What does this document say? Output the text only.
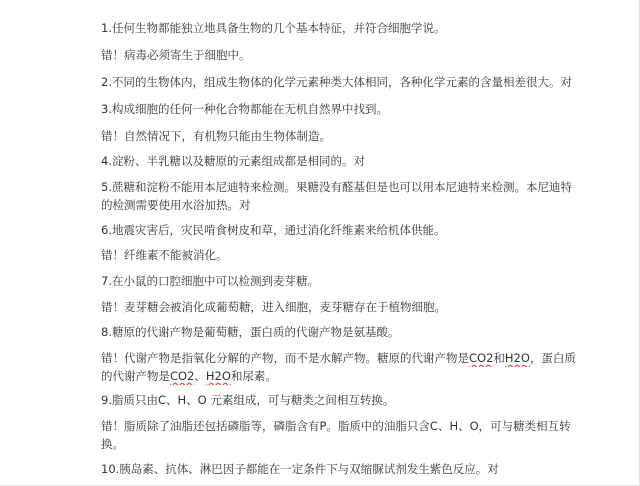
1.任何生物都能独立地具备生物的几个基本特征，并符合细胞学说。
错！病毒必须寄生于细胞中。
2.不同的生物体内，组成生物体的化学元素种类大体相同，各种化学元素的含量相差很大。对
3.构成细胞的任何一种化合物都能在无机自然界中找到。
错！自然情况下，有机物只能由生物体制造。
4.淀粉、半乳糖以及糖原的元素组成都是相同的。对
5.蔗糖和淀粉不能用本尼迪特来检测。果糖没有醛基但是也可以用本尼迪特来检测。本尼迪特
的检测需要使用水浴加热。对
6.地震灾害后，灾民啃食树皮和草，通过消化纤维素来给机体供能。
错！纤维素不能被消化。
7.在小鼠的口腔细胞中可以检测到麦芽糖。
错！麦芽糖会被消化成葡萄糖，进入细胞，麦芽糖存在于植物细胞。
8.糖原的代谢产物是葡萄糖，蛋白质的代谢产物是氨基酸。
错！代谢产物是指氧化分解的产物，而不是水解产物。糖原的代谢产物是CO2和H2O，蛋白质
的代谢产物是CO2、H2O和尿素。
9.脂质只由C、H、O 元素组成，可与糖类之间相互转换。
错！脂质除了油脂还包括磷脂等，磷脂含有P。脂质中的油脂只含C、H、O，可与糖类相互转
换。
10.胰岛素、抗体、淋巴因子都能在一定条件下与双缩脲试剂发生紫色反应。对
